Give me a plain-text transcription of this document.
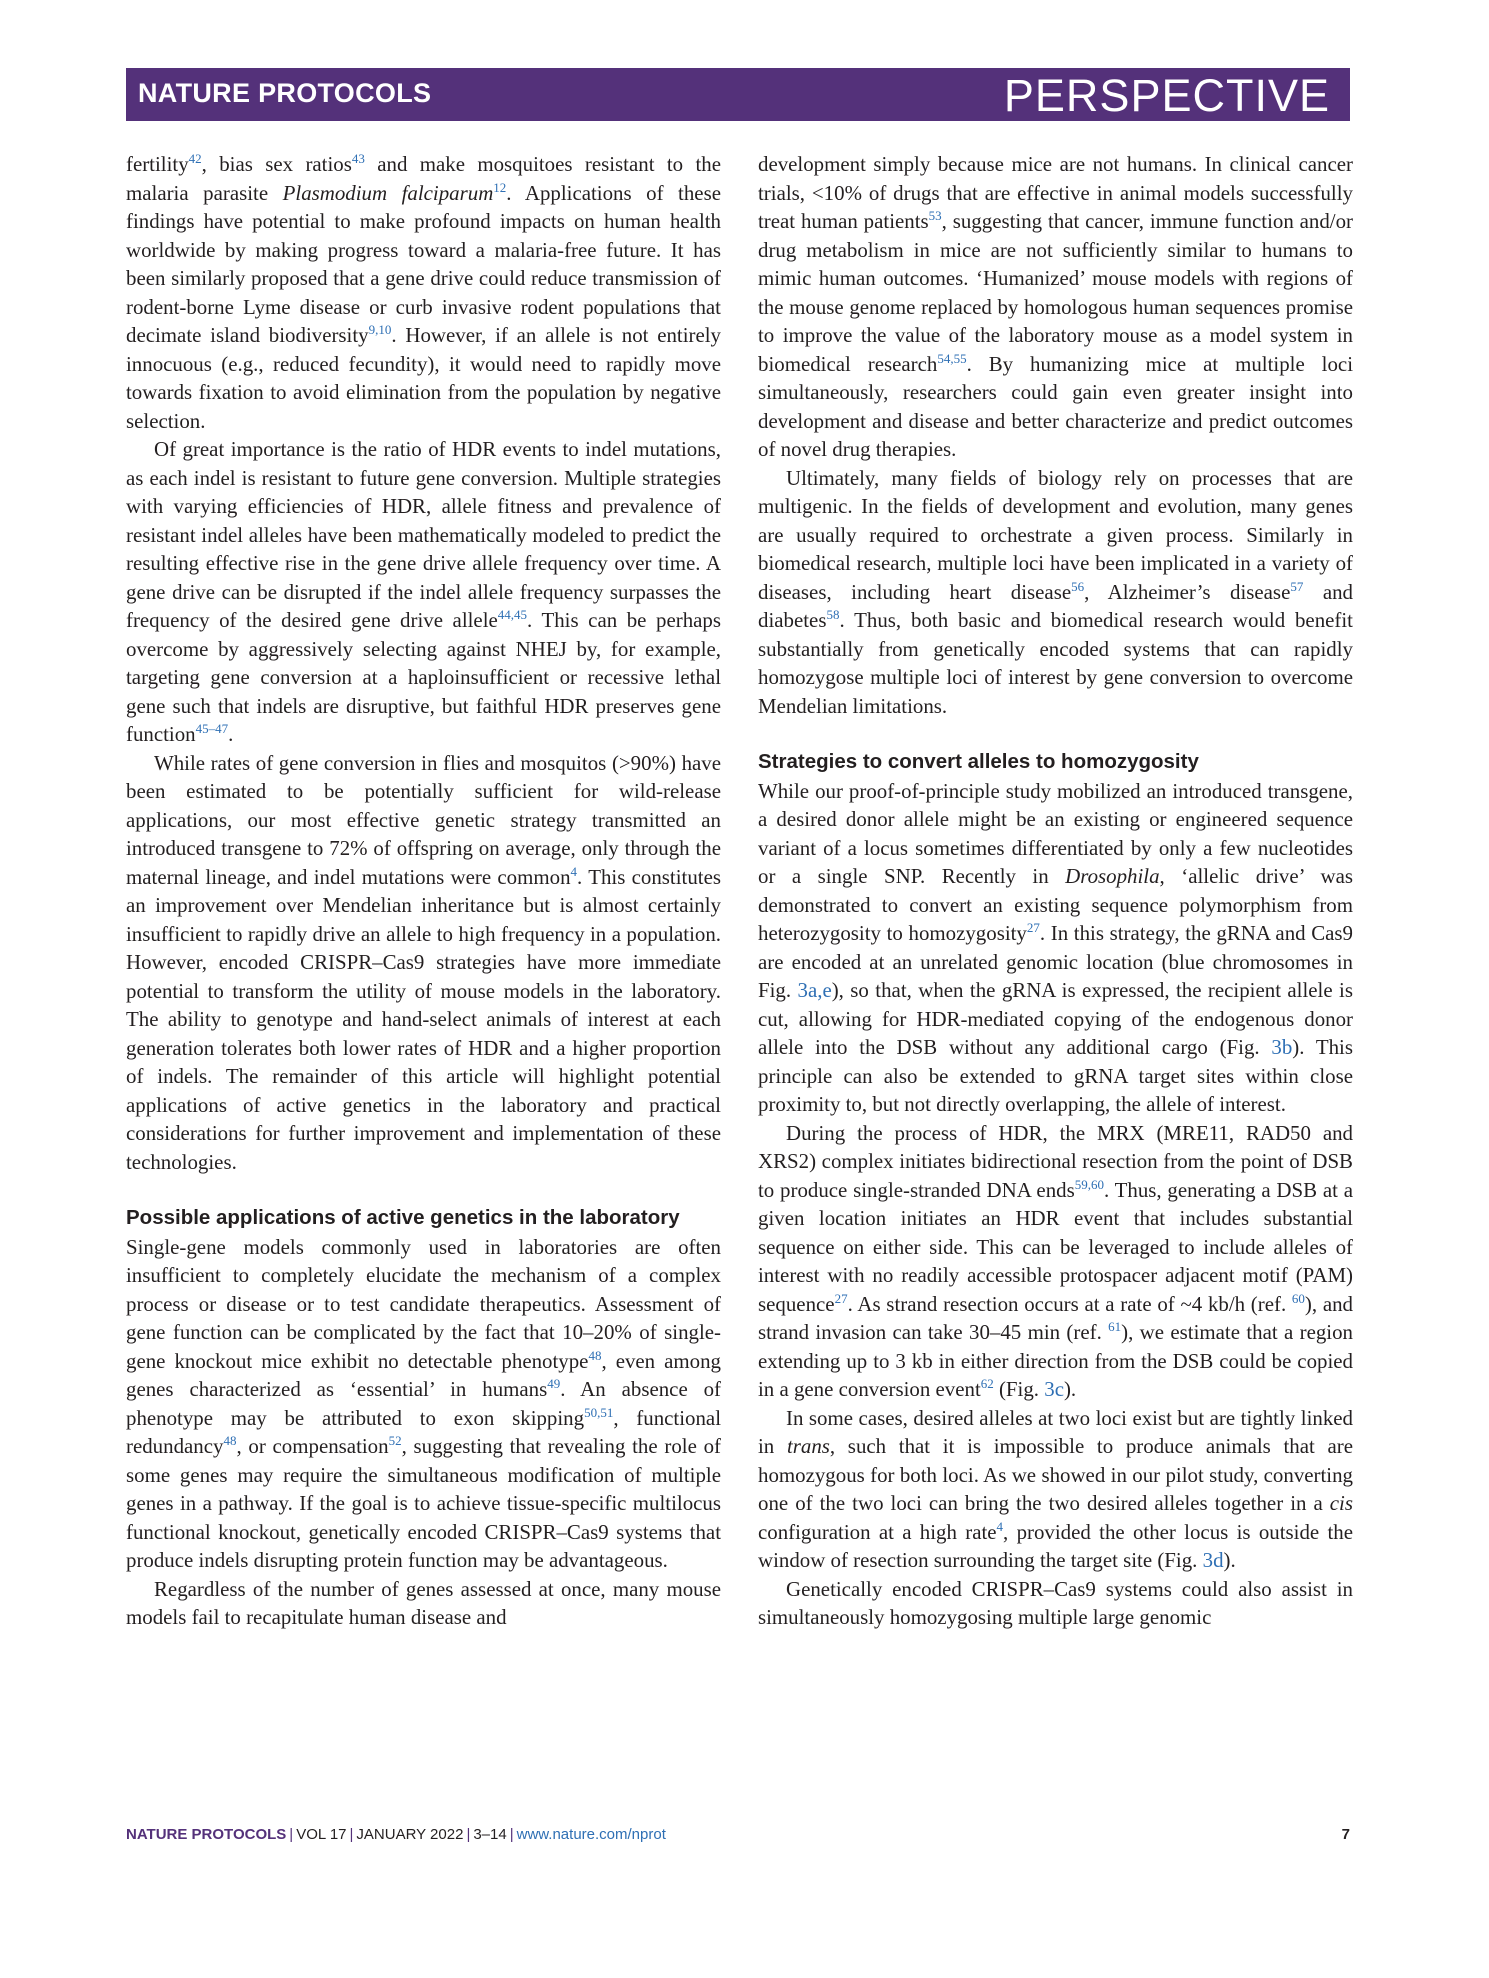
NATURE PROTOCOLS	PERSPECTIVE

fertility$^{42}$, bias sex ratios$^{43}$ and make mosquitoes resistant to the malaria parasite Plasmodium falciparum$^{12}$. Applications of these findings have potential to make profound impacts on human health worldwide by making progress toward a malaria-free future. It has been similarly proposed that a gene drive could reduce transmission of rodent-borne Lyme disease or curb invasive rodent populations that decimate island biodiversity$^{9,10}$. However, if an allele is not entirely innocuous (e.g., reduced fecundity), it would need to rapidly move towards fixation to avoid elimination from the population by negative selection.

Of great importance is the ratio of HDR events to indel mutations, as each indel is resistant to future gene conversion. Multiple strategies with varying efficiencies of HDR, allele fitness and prevalence of resistant indel alleles have been mathematically modeled to predict the resulting effective rise in the gene drive allele frequency over time. A gene drive can be disrupted if the indel allele frequency surpasses the frequency of the desired gene drive allele$^{44,45}$. This can be perhaps overcome by aggressively selecting against NHEJ by, for example, targeting gene conversion at a haploinsufficient or recessive lethal gene such that indels are disruptive, but faithful HDR preserves gene function$^{45-47}$.

While rates of gene conversion in flies and mosquitos (>90%) have been estimated to be potentially sufficient for wild-release applications, our most effective genetic strategy transmitted an introduced transgene to 72% of offspring on average, only through the maternal lineage, and indel mutations were common$^4$. This constitutes an improvement over Mendelian inheritance but is almost certainly insufficient to rapidly drive an allele to high frequency in a population. However, encoded CRISPR–Cas9 strategies have more immediate potential to transform the utility of mouse models in the laboratory. The ability to genotype and hand-select animals of interest at each generation tolerates both lower rates of HDR and a higher proportion of indels. The remainder of this article will highlight potential applications of active genetics in the laboratory and practical considerations for further improvement and implementation of these technologies.

Possible applications of active genetics in the laboratory

Single-gene models commonly used in laboratories are often insufficient to completely elucidate the mechanism of a complex process or disease or to test candidate therapeutics. Assessment of gene function can be complicated by the fact that 10–20% of single-gene knockout mice exhibit no detectable phenotype$^{48}$, even among genes characterized as ‘essential’ in humans$^{49}$. An absence of phenotype may be attributed to exon skipping$^{50,51}$, functional redundancy$^{48}$, or compensation$^{52}$, suggesting that revealing the role of some genes may require the simultaneous modification of multiple genes in a pathway. If the goal is to achieve tissue-specific multilocus functional knockout, genetically encoded CRISPR–Cas9 systems that produce indels disrupting protein function may be advantageous.

Regardless of the number of genes assessed at once, many mouse models fail to recapitulate human disease and

development simply because mice are not humans. In clinical cancer trials, <10% of drugs that are effective in animal models successfully treat human patients$^{53}$, suggesting that cancer, immune function and/or drug metabolism in mice are not sufficiently similar to humans to mimic human outcomes. ‘Humanized’ mouse models with regions of the mouse genome replaced by homologous human sequences promise to improve the value of the laboratory mouse as a model system in biomedical research$^{54,55}$. By humanizing mice at multiple loci simultaneously, researchers could gain even greater insight into development and disease and better characterize and predict outcomes of novel drug therapies.

Ultimately, many fields of biology rely on processes that are multigenic. In the fields of development and evolution, many genes are usually required to orchestrate a given process. Similarly in biomedical research, multiple loci have been implicated in a variety of diseases, including heart disease$^{56}$, Alzheimer’s disease$^{57}$ and diabetes$^{58}$. Thus, both basic and biomedical research would benefit substantially from genetically encoded systems that can rapidly homozygose multiple loci of interest by gene conversion to overcome Mendelian limitations.

Strategies to convert alleles to homozygosity

While our proof-of-principle study mobilized an introduced transgene, a desired donor allele might be an existing or engineered sequence variant of a locus sometimes differentiated by only a few nucleotides or a single SNP. Recently in Drosophila, ‘allelic drive’ was demonstrated to convert an existing sequence polymorphism from heterozygosity to homozygosity$^{27}$. In this strategy, the gRNA and Cas9 are encoded at an unrelated genomic location (blue chromosomes in Fig. 3a,e), so that, when the gRNA is expressed, the recipient allele is cut, allowing for HDR-mediated copying of the endogenous donor allele into the DSB without any additional cargo (Fig. 3b). This principle can also be extended to gRNA target sites within close proximity to, but not directly overlapping, the allele of interest.

During the process of HDR, the MRX (MRE11, RAD50 and XRS2) complex initiates bidirectional resection from the point of DSB to produce single-stranded DNA ends$^{59,60}$. Thus, generating a DSB at a given location initiates an HDR event that includes substantial sequence on either side. This can be leveraged to include alleles of interest with no readily accessible protospacer adjacent motif (PAM) sequence$^{27}$. As strand resection occurs at a rate of ~4 kb/h (ref. $^{60}$), and strand invasion can take 30–45 min (ref. $^{61}$), we estimate that a region extending up to 3 kb in either direction from the DSB could be copied in a gene conversion event$^{62}$ (Fig. 3c).

In some cases, desired alleles at two loci exist but are tightly linked in trans, such that it is impossible to produce animals that are homozygous for both loci. As we showed in our pilot study, converting one of the two loci can bring the two desired alleles together in a cis configuration at a high rate$^4$, provided the other locus is outside the window of resection surrounding the target site (Fig. 3d).

Genetically encoded CRISPR–Cas9 systems could also assist in simultaneously homozygosing multiple large genomic

NATURE PROTOCOLS | VOL 17 | JANUARY 2022 | 3–14 | www.nature.com/nprot	7
